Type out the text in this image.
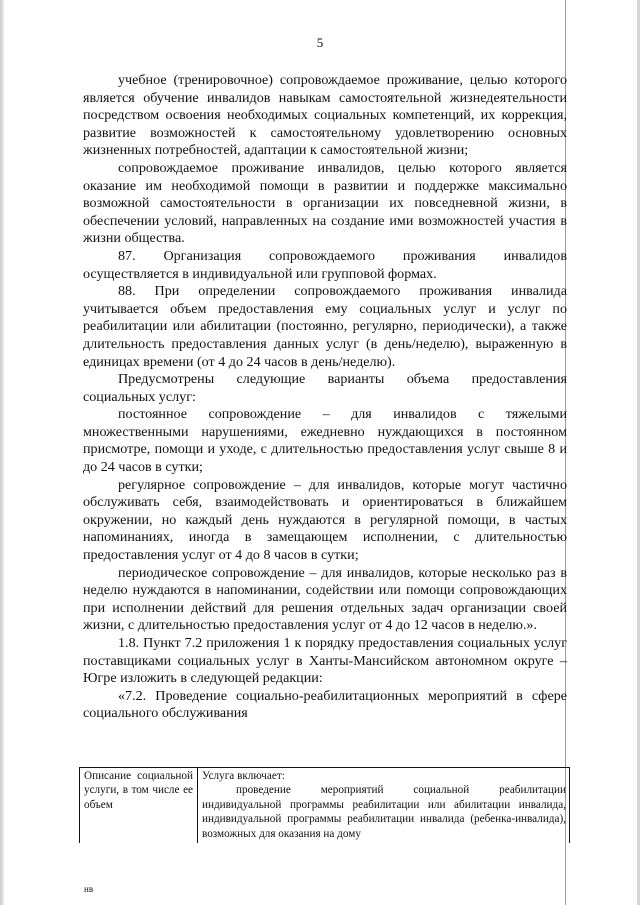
5

учебное (тренировочное) сопровождаемое проживание, целью которого является обучение инвалидов навыкам самостоятельной жизнедеятельности посредством освоения необходимых социальных компетенций, их коррекция, развитие возможностей к самостоятельному удовлетворению основных жизненных потребностей, адаптации к самостоятельной жизни;

сопровождаемое проживание инвалидов, целью которого является оказание им необходимой помощи в развитии и поддержке максимально возможной самостоятельности в организации их повседневной жизни, в обеспечении условий, направленных на создание ими возможностей участия в жизни общества.

87. Организация сопровождаемого проживания инвалидов осуществляется в индивидуальной или групповой формах.

88. При определении сопровождаемого проживания инвалида учитывается объем предоставления ему социальных услуг и услуг по реабилитации или абилитации (постоянно, регулярно, периодически), а также длительность предоставления данных услуг (в день/неделю), выраженную в единицах времени (от 4 до 24 часов в день/неделю).

Предусмотрены следующие варианты объема предоставления социальных услуг:

постоянное сопровождение – для инвалидов с тяжелыми множественными нарушениями, ежедневно нуждающихся в постоянном присмотре, помощи и уходе, с длительностью предоставления услуг свыше 8 и до 24 часов в сутки;

регулярное сопровождение – для инвалидов, которые могут частично обслуживать себя, взаимодействовать и ориентироваться в ближайшем окружении, но каждый день нуждаются в регулярной помощи, в частых напоминаниях, иногда в замещающем исполнении, с длительностью предоставления услуг от 4 до 8 часов в сутки;

периодическое сопровождение – для инвалидов, которые несколько раз в неделю нуждаются в напоминании, содействии или помощи сопровождающих при исполнении действий для решения отдельных задач организации своей жизни, с длительностью предоставления услуг от 4 до 12 часов в неделю.».

1.8. Пункт 7.2 приложения 1 к порядку предоставления социальных услуг поставщиками социальных услуг в Ханты-Мансийском автономном округе – Югре изложить в следующей редакции:

«7.2. Проведение социально-реабилитационных мероприятий в сфере социального обслуживания

Описание социальной услуги, в том числе ее объем

Услуга включает:

проведение мероприятий социальной реабилитации индивидуальной программы реабилитации или абилитации инвалида, индивидуальной программы реабилитации инвалида (ребенка-инвалида), возможных для оказания на дому

нв
